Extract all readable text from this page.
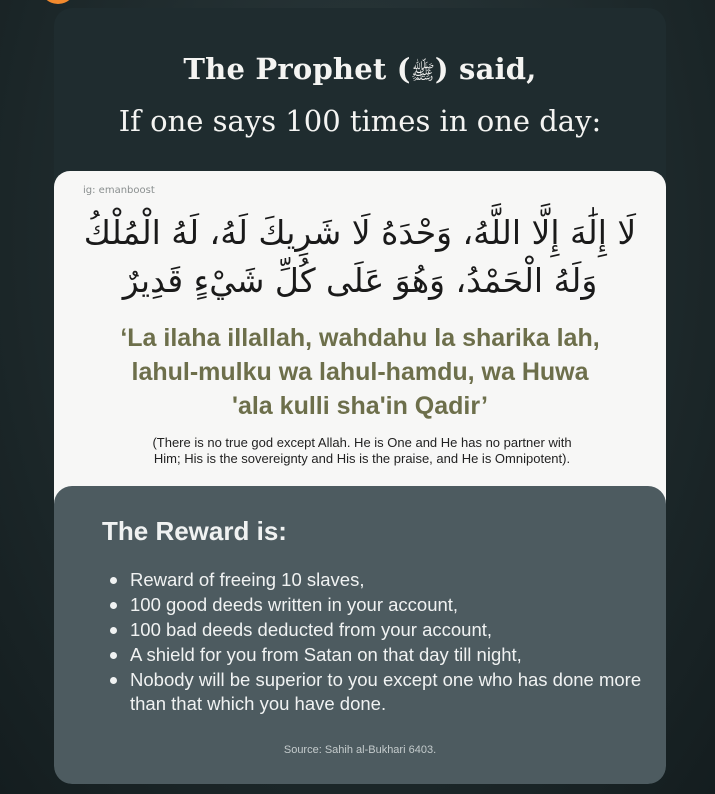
The Prophet (ﷺ) said,
If one says 100 times in one day:
ig: emanboost
لَا إِلَٰهَ إِلَّا اللَّهُ، وَحْدَهُ لَا شَرِيكَ لَهُ، لَهُ الْمُلْكُ
وَلَهُ الْحَمْدُ، وَهُوَ عَلَى كُلِّ شَيْءٍ قَدِيرٌ
‘La ilaha illallah, wahdahu la sharika lah,
lahul-mulku wa lahul-hamdu, wa Huwa
'ala kulli sha'in Qadir’
(There is no true god except Allah. He is One and He has no partner with
Him; His is the sovereignty and His is the praise, and He is Omnipotent).
The Reward is:
Reward of freeing 10 slaves,
100 good deeds written in your account,
100 bad deeds deducted from your account,
A shield for you from Satan on that day till night,
Nobody will be superior to you except one who has done more than that which you have done.
Source: Sahih al-Bukhari 6403.
